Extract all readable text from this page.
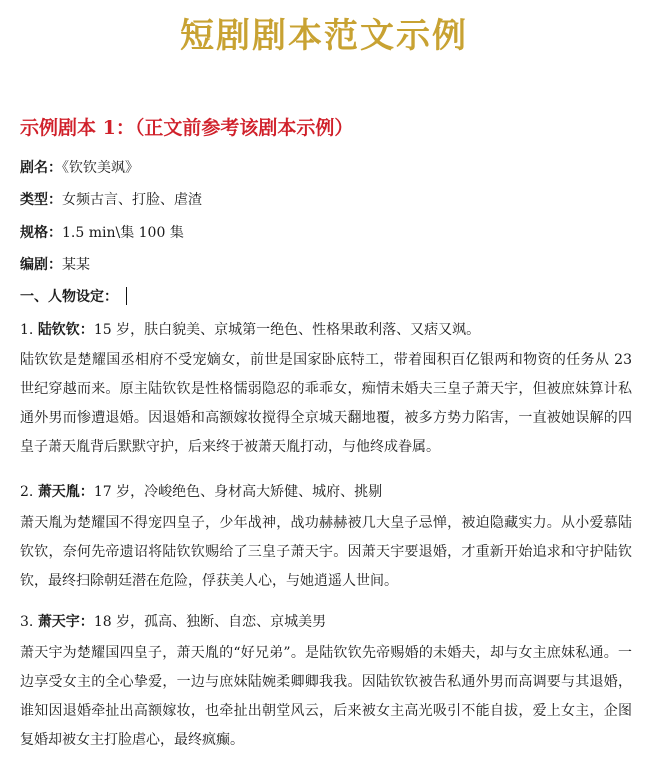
短剧剧本范文示例
示例剧本 1：（正文前参考该剧本示例）
剧名：《钦钦美飒》
类型：女频古言、打脸、虐渣
规格：1.5 min\集 100 集
编剧：某某
一、人物设定：
1. 陆钦钦：15 岁，肤白貌美、京城第一绝色、性格果敢利落、又痞又飒。
陆钦钦是楚耀国丞相府不受宠嫡女，前世是国家卧底特工，带着囤积百亿银两和物资的任务从 23 世纪穿越而来。原主陆钦钦是性格懦弱隐忍的乖乖女，痴情未婚夫三皇子萧天宇，但被庶妹算计私通外男而惨遭退婚。因退婚和高额嫁妆搅得全京城天翻地覆，被多方势力陷害，一直被她误解的四皇子萧天胤背后默默守护，后来终于被萧天胤打动，与他终成眷属。
2. 萧天胤：17 岁，冷峻绝色、身材高大矫健、城府、挑剔
萧天胤为楚耀国不得宠四皇子，少年战神，战功赫赫被几大皇子忌惮，被迫隐藏实力。从小爱慕陆钦钦，奈何先帝遗诏将陆钦钦赐给了三皇子萧天宇。因萧天宇要退婚，才重新开始追求和守护陆钦钦，最终扫除朝廷潜在危险，俘获美人心，与她逍遥人世间。
3. 萧天宇：18 岁，孤高、独断、自恋、京城美男
萧天宇为楚耀国四皇子，萧天胤的“好兄弟”。是陆钦钦先帝赐婚的未婚夫，却与女主庶妹私通。一边享受女主的全心挚爱，一边与庶妹陆婉柔卿卿我我。因陆钦钦被告私通外男而高调要与其退婚，谁知因退婚牵扯出高额嫁妆，也牵扯出朝堂风云，后来被女主高光吸引不能自拔，爱上女主，企图复婚却被女主打脸虐心，最终疯癫。
